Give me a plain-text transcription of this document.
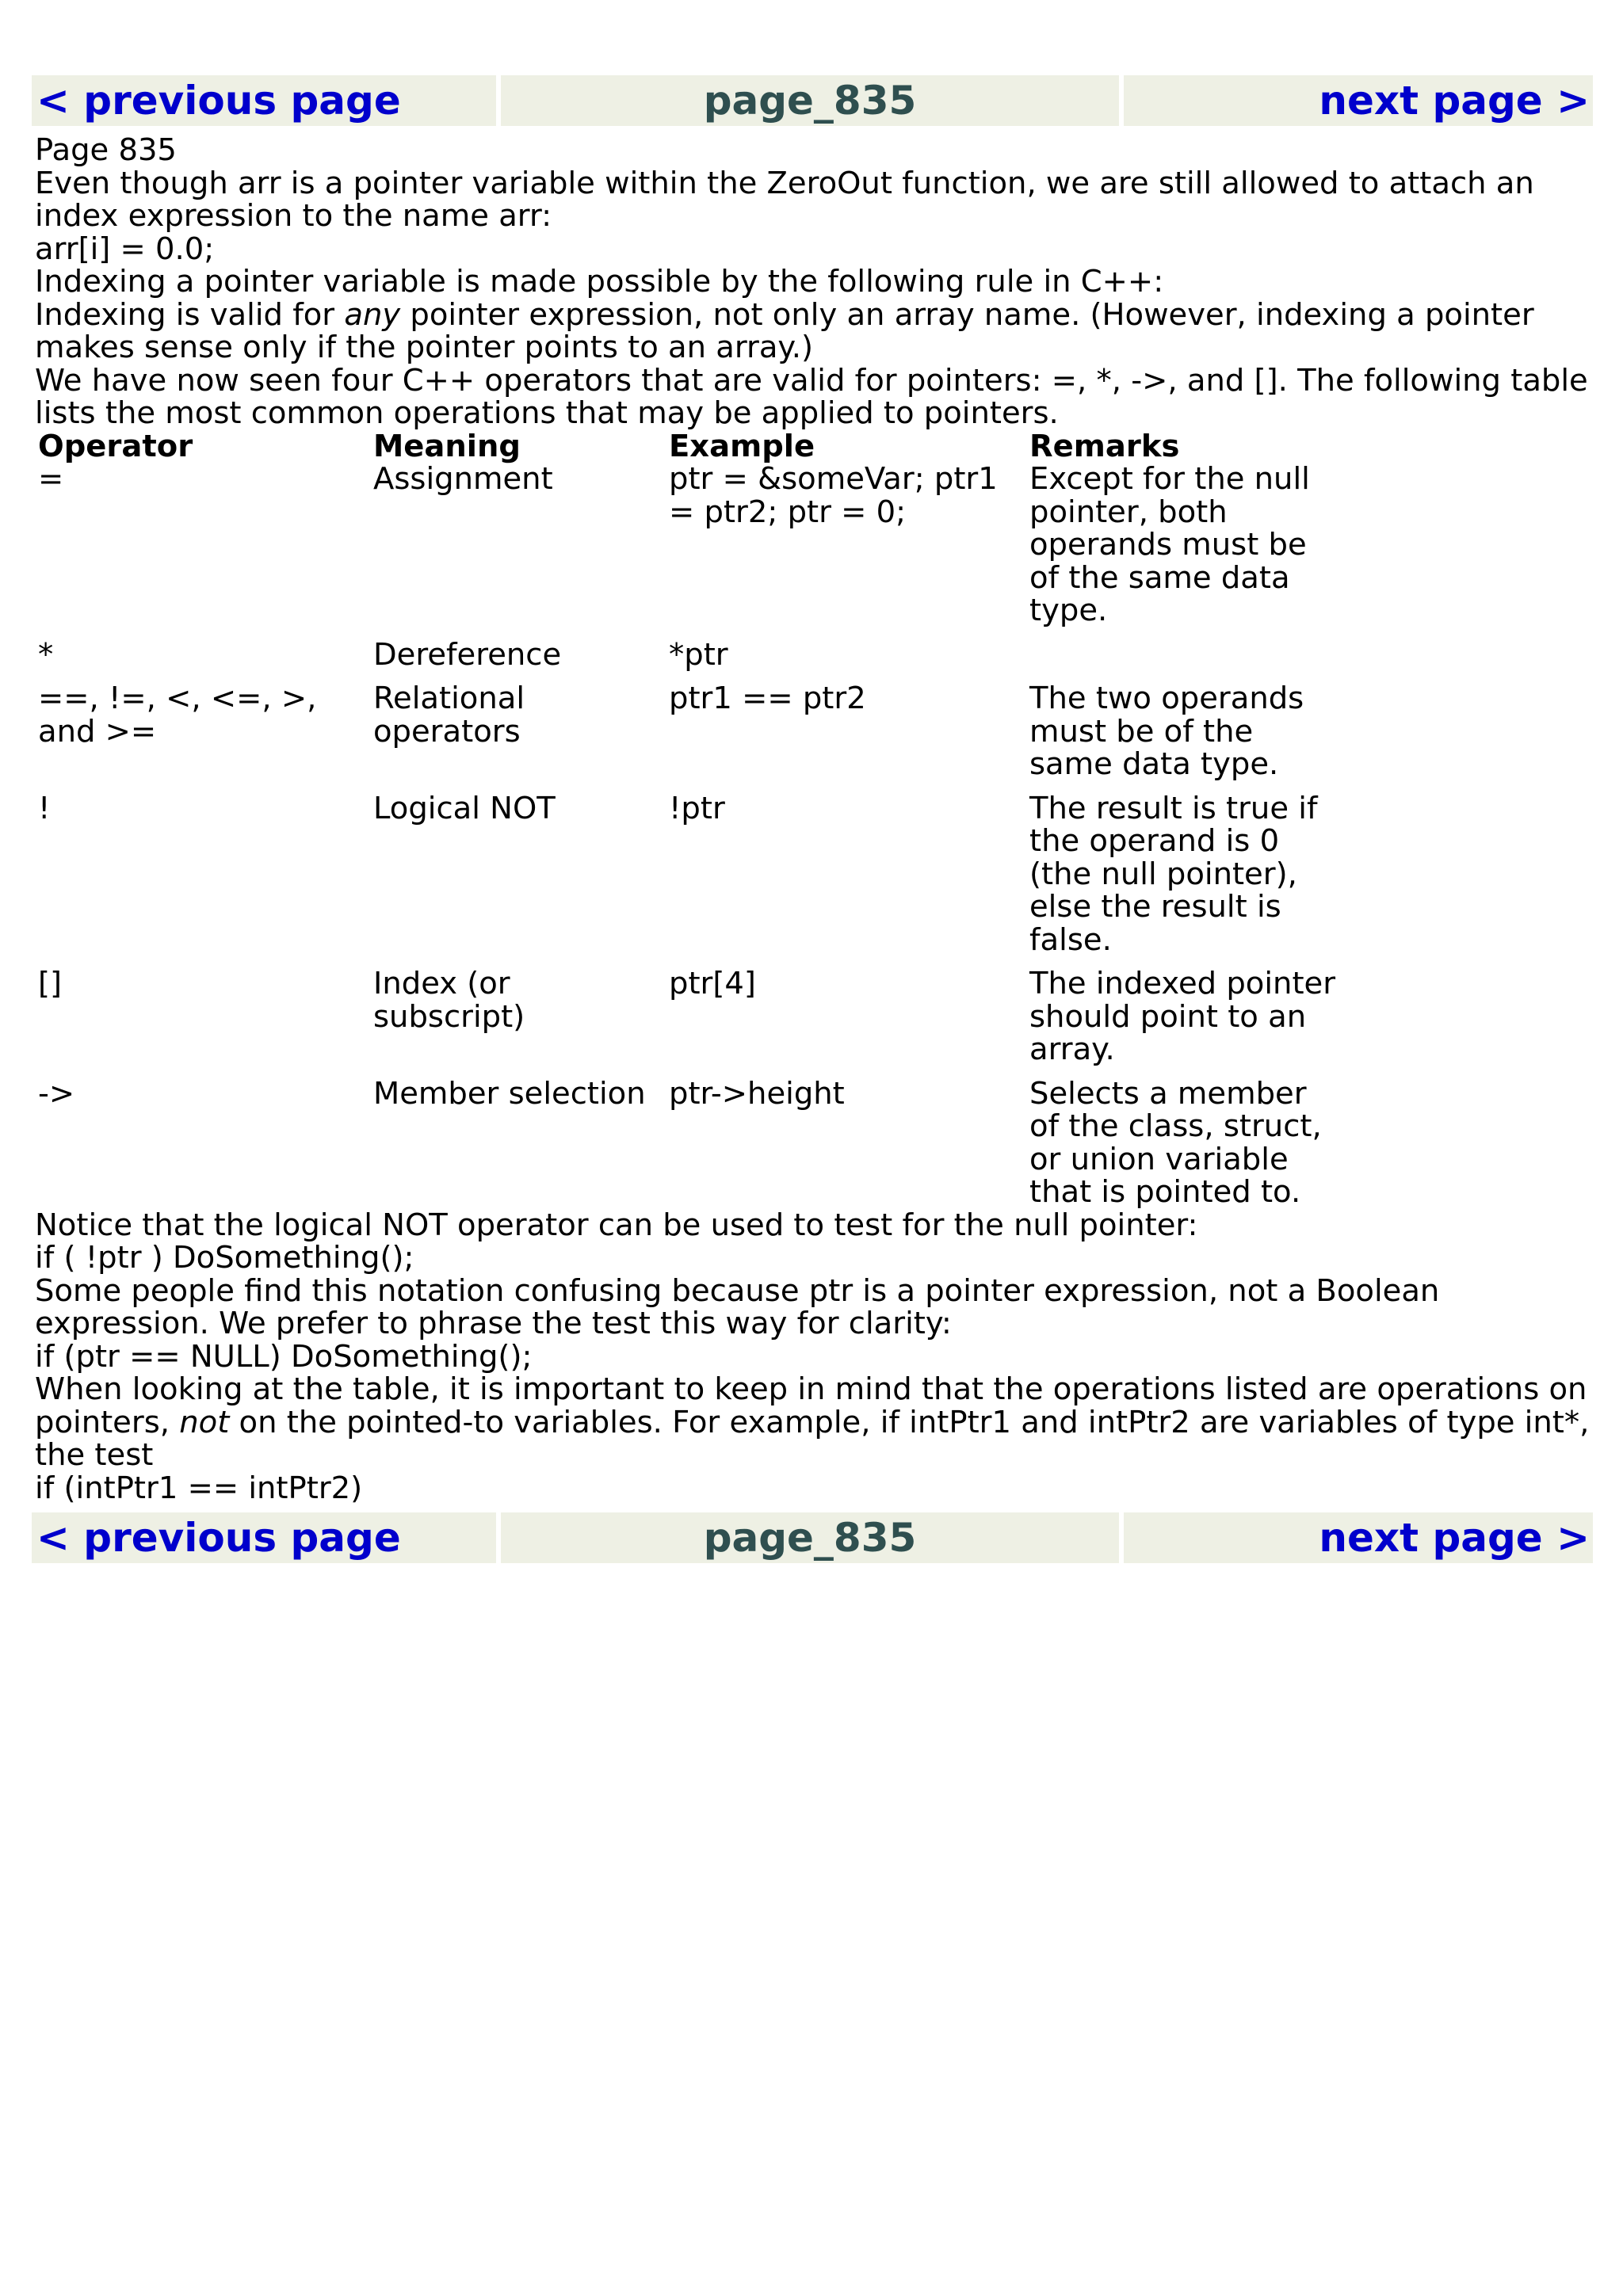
< previous page	page_835	next page >

Page 835

Even though arr is a pointer variable within the ZeroOut function, we are still allowed to attach an index expression to the name arr:

arr[i] = 0.0;

Indexing a pointer variable is made possible by the following rule in C++:

Indexing is valid for any pointer expression, not only an array name. (However, indexing a pointer makes sense only if the pointer points to an array.)

We have now seen four C++ operators that are valid for pointers: =, *, ->, and []. The following table lists the most common operations that may be applied to pointers.

Operator	Meaning	Example	Remarks
=	Assignment	ptr = &someVar; ptr1 = ptr2; ptr = 0;	Except for the null pointer, both operands must be of the same data type.
*	Dereference	*ptr	
==, !=, <, <=, >, and >=	Relational operators	ptr1 == ptr2	The two operands must be of the same data type.
!	Logical NOT	!ptr	The result is true if the operand is 0 (the null pointer), else the result is false.
[]	Index (or subscript)	ptr[4]	The indexed pointer should point to an array.
->	Member selection	ptr->height	Selects a member of the class, struct, or union variable that is pointed to.

Notice that the logical NOT operator can be used to test for the null pointer:

if ( !ptr ) DoSomething();

Some people find this notation confusing because ptr is a pointer expression, not a Boolean expression. We prefer to phrase the test this way for clarity:

if (ptr == NULL) DoSomething();

When looking at the table, it is important to keep in mind that the operations listed are operations on pointers, not on the pointed-to variables. For example, if intPtr1 and intPtr2 are variables of type int*, the test

if (intPtr1 == intPtr2)

< previous page	page_835	next page >
